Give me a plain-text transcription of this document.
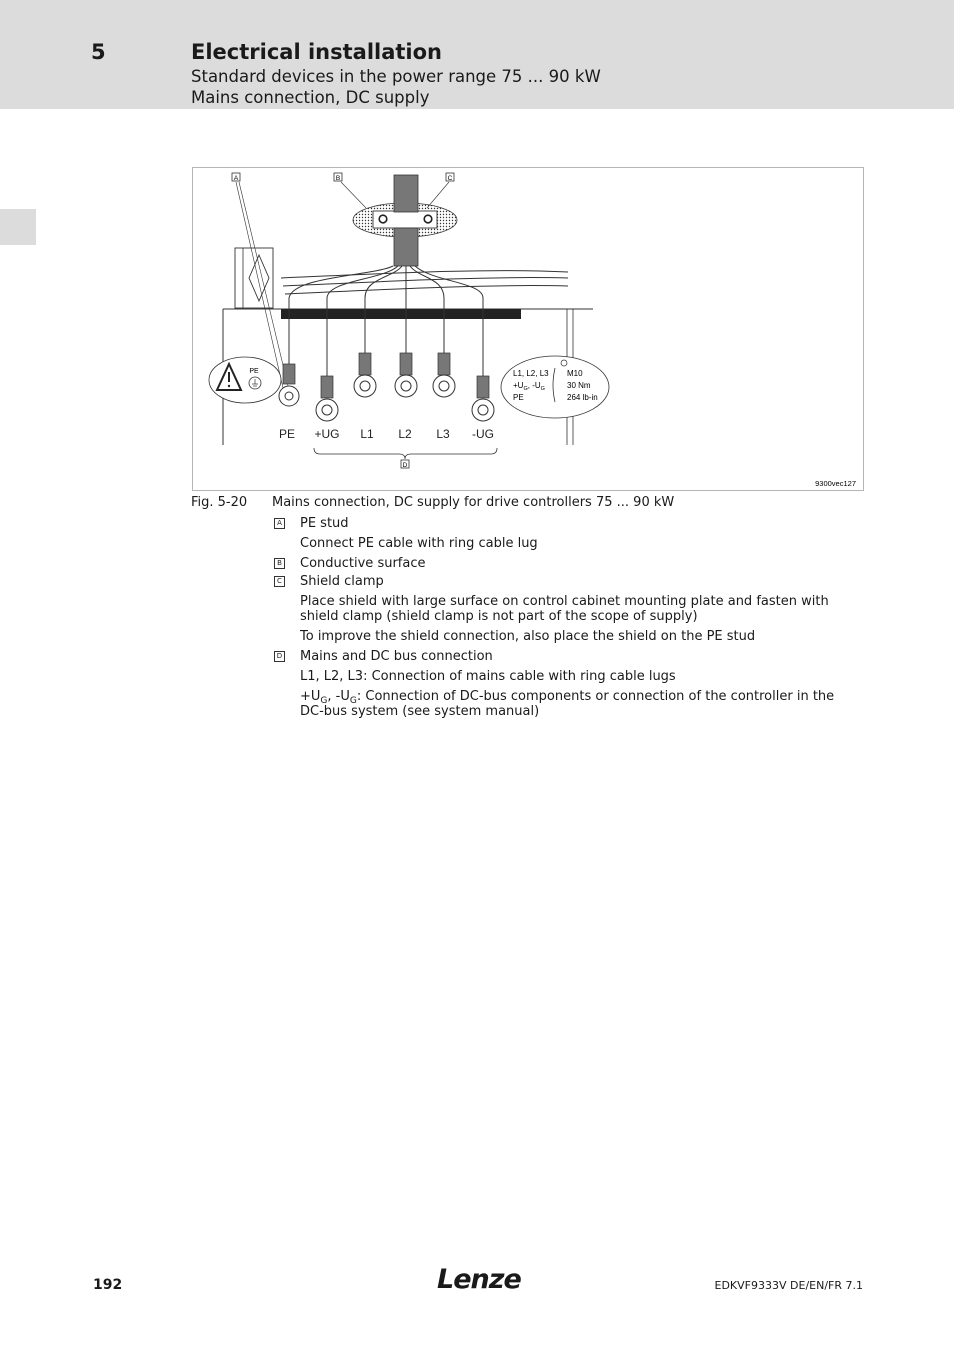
5	Electrical installation
Standard devices in the power range 75 ... 90 kW
Mains connection, DC supply
A	B	C
PE	L1, L2, L3
$+U_G$, $-U_G$
PE
M10
30 Nm
264 lb-in
PE +UG L1 L2 L3 -UG
D
9300vec127
Fig. 5-20 Mains connection, DC supply for drive controllers 75 ... 90 kW
A PE stud
Connect PE cable with ring cable lug
B Conductive surface
C Shield clamp
Place shield with large surface on control cabinet mounting plate and fasten with shield clamp (shield clamp is not part of the scope of supply)
To improve the shield connection, also place the shield on the PE stud
D Mains and DC bus connection
L1, L2, L3: Connection of mains cable with ring cable lugs
$+U_G$, $-U_G$: Connection of DC-bus components or connection of the controller in the DC-bus system (see system manual)
192	Lenze	EDKVF9333V DE/EN/FR 7.1
